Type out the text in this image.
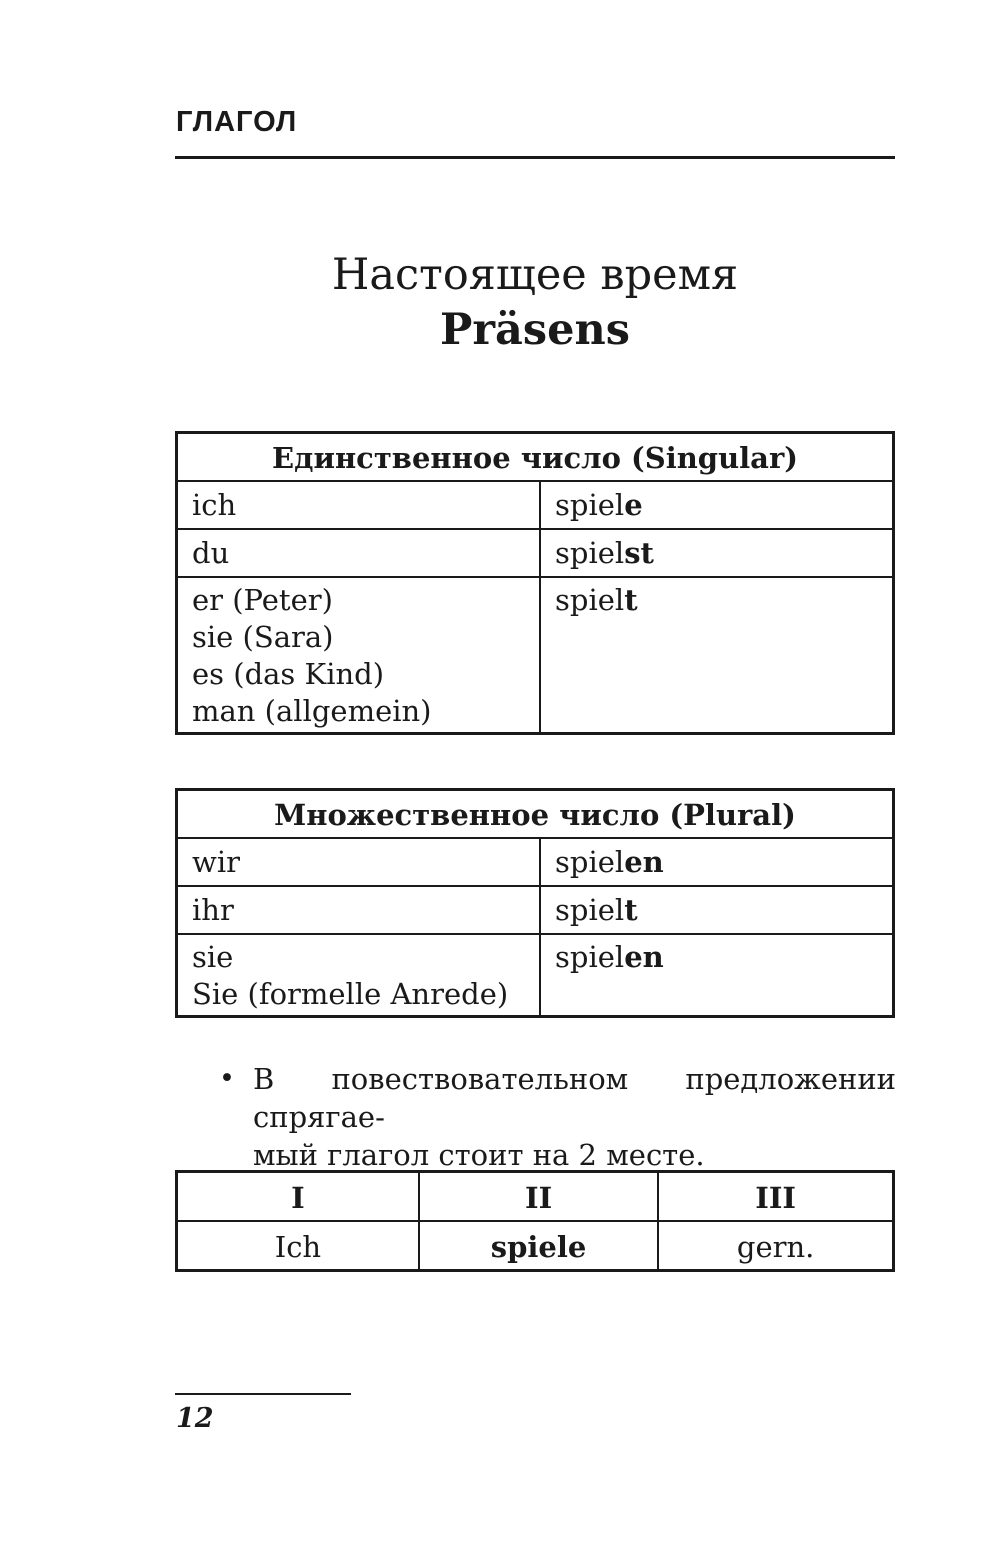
ГЛАГОЛ
Настоящее время
Präsens
Единственное число (Singular)	

ich	spiele

du	spielst

er (Peter)
sie (Sara)
es (das Kind)
man (allgemein)	spielt
Множественное число (Plural)	

wir	spielen

ihr	spielt

sie
Sie (formelle Anrede)	spielen
• В повествовательном предложении спрягае-
мый глагол стоит на 2 месте.
I	II	III
Ich	spiele	gern.
12
